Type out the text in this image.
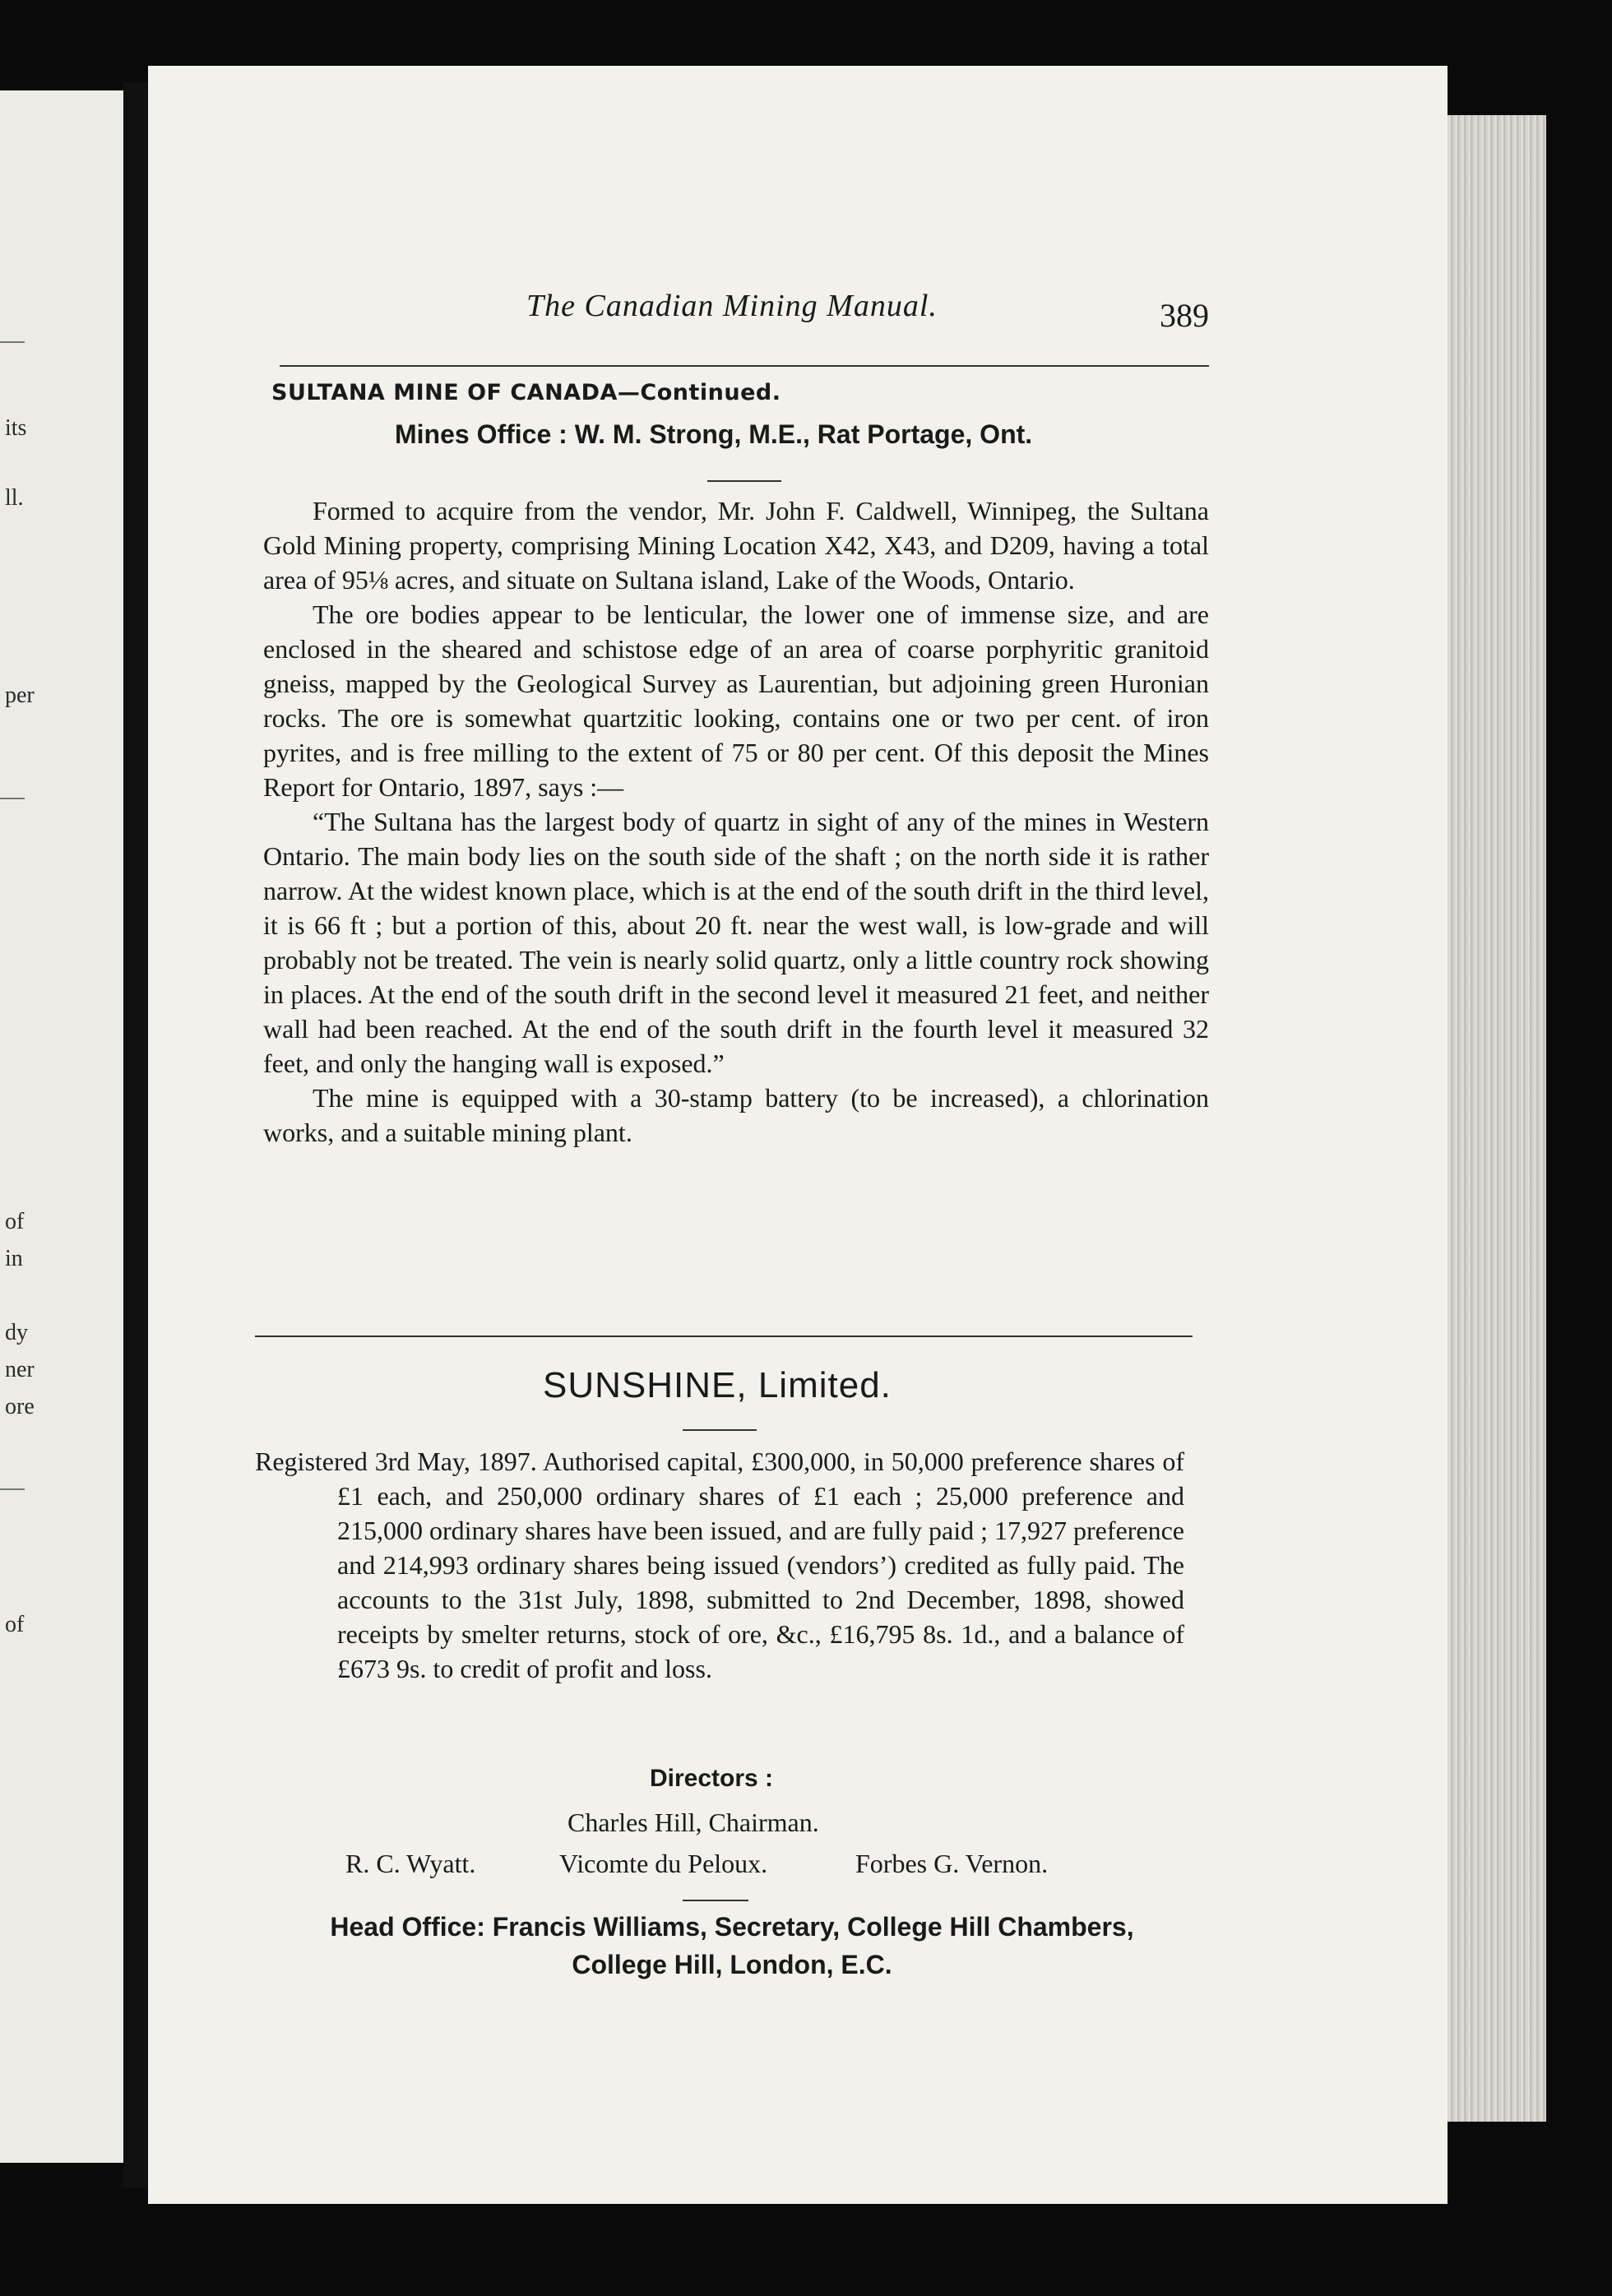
its
ll.
per
of
in
dy
ner
ore
of
The Canadian Mining Manual.	389
SULTANA MINE OF CANADA—Continued.
Mines Office : W. M. Strong, M.E., Rat Portage, Ont.

Formed to acquire from the vendor, Mr. John F. Caldwell, Winnipeg, the Sultana Gold Mining property, comprising Mining Location X42, X43, and D209, having a total area of 95⅛ acres, and situate on Sultana island, Lake of the Woods, Ontario.

The ore bodies appear to be lenticular, the lower one of immense size, and are enclosed in the sheared and schistose edge of an area of coarse porphyritic granitoid gneiss, mapped by the Geological Survey as Laurentian, but adjoining green Huronian rocks. The ore is somewhat quartzitic looking, contains one or two per cent. of iron pyrites, and is free milling to the extent of 75 or 80 per cent. Of this deposit the Mines Report for Ontario, 1897, says :—

“The Sultana has the largest body of quartz in sight of any of the mines in Western Ontario. The main body lies on the south side of the shaft ; on the north side it is rather narrow. At the widest known place, which is at the end of the south drift in the third level, it is 66 ft ; but a portion of this, about 20 ft. near the west wall, is low-grade and will probably not be treated. The vein is nearly solid quartz, only a little country rock showing in places. At the end of the south drift in the second level it measured 21 feet, and neither wall had been reached. At the end of the south drift in the fourth level it measured 32 feet, and only the hanging wall is exposed.”

The mine is equipped with a 30-stamp battery (to be increased), a chlorination works, and a suitable mining plant.

SUNSHINE, Limited.
Registered 3rd May, 1897. Authorised capital, £300,000, in 50,000 preference shares of £1 each, and 250,000 ordinary shares of £1 each ; 25,000 preference and 215,000 ordinary shares have been issued, and are fully paid ; 17,927 preference and 214,993 ordinary shares being issued (vendors’) credited as fully paid. The accounts to the 31st July, 1898, submitted to 2nd December, 1898, showed receipts by smelter returns, stock of ore, &c., £16,795 8s. 1d., and a balance of £673 9s. to credit of profit and loss.
Directors :
Charles Hill, Chairman.
R. C. Wyatt.	Vicomte du Peloux.	Forbes G. Vernon.
Head Office: Francis Williams, Secretary, College Hill Chambers,
College Hill, London, E.C.
